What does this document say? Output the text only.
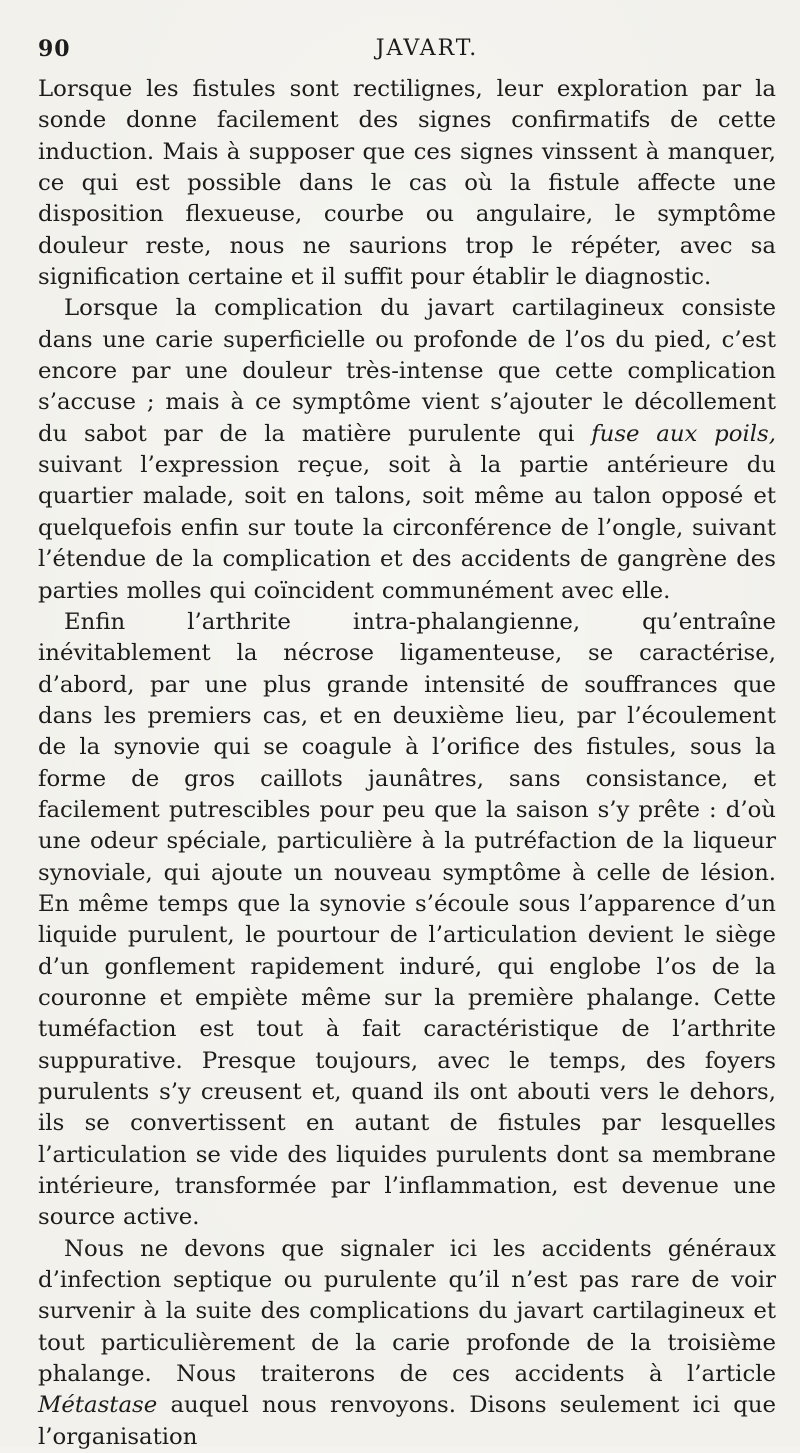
90	JAVART.

Lorsque les fistules sont rectilignes, leur exploration par la sonde donne facilement des signes confirmatifs de cette induction. Mais à supposer que ces signes vinssent à manquer, ce qui est possible dans le cas où la fistule affecte une disposition flexueuse, courbe ou angulaire, le symptôme douleur reste, nous ne saurions trop le répéter, avec sa signification certaine et il suffit pour établir le diagnostic.

Lorsque la complication du javart cartilagineux consiste dans une carie superficielle ou profonde de l’os du pied, c’est encore par une douleur très-intense que cette complication s’accuse ; mais à ce symptôme vient s’ajouter le décollement du sabot par de la matière purulente qui fuse aux poils, suivant l’expression reçue, soit à la partie antérieure du quartier malade, soit en talons, soit même au talon opposé et quelquefois enfin sur toute la circonférence de l’ongle, suivant l’étendue de la complication et des accidents de gangrène des parties molles qui coïncident communément avec elle.

Enfin l’arthrite intra-phalangienne, qu’entraîne inévitablement la nécrose ligamenteuse, se caractérise, d’abord, par une plus grande intensité de souffrances que dans les premiers cas, et en deuxième lieu, par l’écoulement de la synovie qui se coagule à l’orifice des fistules, sous la forme de gros caillots jaunâtres, sans consistance, et facilement putrescibles pour peu que la saison s’y prête : d’où une odeur spéciale, particulière à la putréfaction de la liqueur synoviale, qui ajoute un nouveau symptôme à celle de lésion. En même temps que la synovie s’écoule sous l’apparence d’un liquide purulent, le pourtour de l’articulation devient le siège d’un gonflement rapidement induré, qui englobe l’os de la couronne et empiète même sur la première phalange. Cette tuméfaction est tout à fait caractéristique de l’arthrite suppurative. Presque toujours, avec le temps, des foyers purulents s’y creusent et, quand ils ont abouti vers le dehors, ils se convertissent en autant de fistules par lesquelles l’articulation se vide des liquides purulents dont sa membrane intérieure, transformée par l’inflammation, est devenue une source active.

Nous ne devons que signaler ici les accidents généraux d’infection septique ou purulente qu’il n’est pas rare de voir survenir à la suite des complications du javart cartilagineux et tout particulièrement de la carie profonde de la troisième phalange. Nous traiterons de ces accidents à l’article Métastase auquel nous renvoyons. Disons seulement ici que l’organisation
